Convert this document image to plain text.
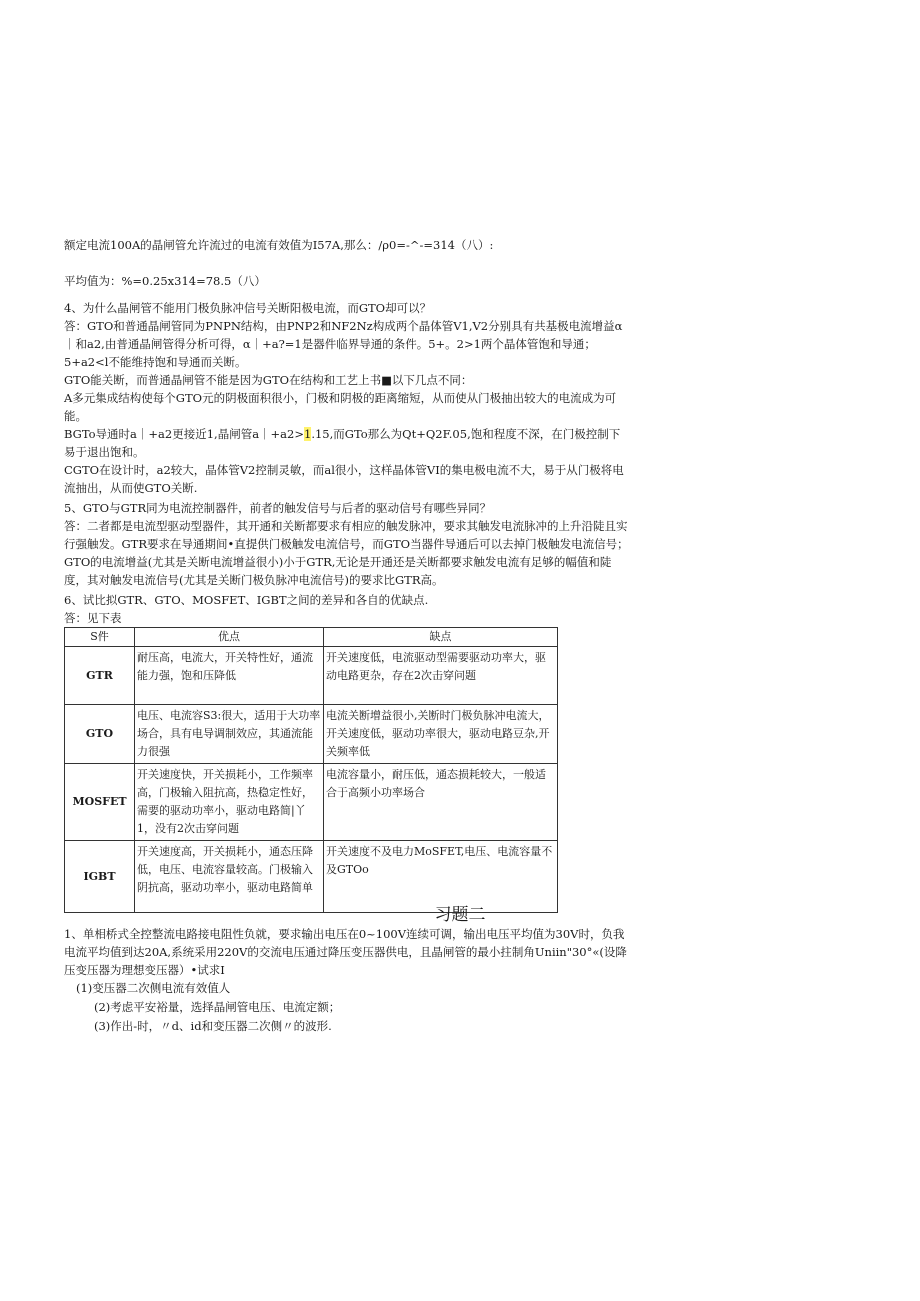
额定电流100A的晶闸管允许流过的电流有效值为I57A,那么：/ρ0=-^-=314（八）:

平均值为：%=0.25x314=78.5（八）

4、为什么晶闸管不能用门极负脉冲信号关断阳极电流，而GTO却可以？

答：GTO和普通晶闸管同为PNPN结构，由PNP2和NF2Nz构成两个晶体管V1,V2分别具有共基极电流增益α｜和a2,由普通晶闸管得分析可得，α｜+a?=1是器件临界导通的条件。5+。2>1两个晶体管饱和导通；5+a2<l不能维持饱和导通而关断。

GTO能关断，而普通晶闸管不能是因为GTO在结构和工艺上书■以下几点不同：

A多元集成结构使每个GTO元的阴极面积很小，门极和阴极的距离缩短，从而使从门极抽出较大的电流成为可能。

BGTo导通时a｜+a2更接近1,晶闸管a｜+a2>1.15,而GTo那么为Qt+Q2F.05,饱和程度不深，在门极控制下易于退出饱和。

CGTO在设计时，a2较大，晶体管V2控制灵敏，而al很小，这样晶体管VI的集电极电流不大，易于从门极将电流抽出，从而使GTO关断.

5、GTO与GTR同为电流控制器件，前者的触发信号与后者的驱动信号有哪些异同？

答：二者都是电流型驱动型器件，其开通和关断都要求有相应的触发脉冲，要求其触发电流脉冲的上升沿陡且实行强触发。GTR要求在导通期间•直提供门极触发电流信号，而GTO当器件导通后可以去掉门极触发电流信号；GTO的电流增益(尤其是关断电流增益很小)小于GTR,无论是开通还是关断都要求触发电流有足够的幅值和陡度，其对触发电流信号(尤其是关断门极负脉冲电流信号)的要求比GTR高。

6、试比拟GTR、GTO、MOSFET、IGBT之间的差异和各自的优缺点.

答：见下表

S件	优点	缺点
GTR	耐压高，电流大，开关特性好，通流能力强，饱和压降低	开关速度低，电流驱动型需要驱动功率大，驱动电路更杂，存在2次击穿问题
GTO	电压、电流容S3:很大，适用于大功率场合，具有电导调制效应，其通流能力很强	电流关断增益很小,关断时门极负脉冲电流大，开关速度低，驱动功率很大，驱动电路豆杂,开关频率低
MOSFET	开关速度快，开关损耗小，工作频率高，门极输入阻抗高，热稳定性好，需要的驱动功率小，驱动电路简|丫1，没有2次击穿问题	电流容量小，耐压低，通态损耗较大，一般适合于高频小功率场合
IGBT	开关速度高，开关损耗小，通态压降低，电压、电流容量较高。门极输入阴抗高，驱动功率小，驱动电路简单	开关速度不及电力MoSFET,电压、电流容量不及GTOo
习题二

1、单相桥式全控整流电路接电阻性负就，要求输出电压在0~100V连续可调，输出电压平均值为30V时，负我电流平均值到达20A,系统采用220V的交流电压通过降压变压器供电，且晶闸管的最小拄制角Uniin"30°«(设降压变压器为理想变压器）•试求I

(1)变压器二次侧电流有效值人

(2)考虑平安裕量，选择晶闸管电压、电流定额；

(3)作出-时，〃d、id和变压器二次侧〃的波形.
